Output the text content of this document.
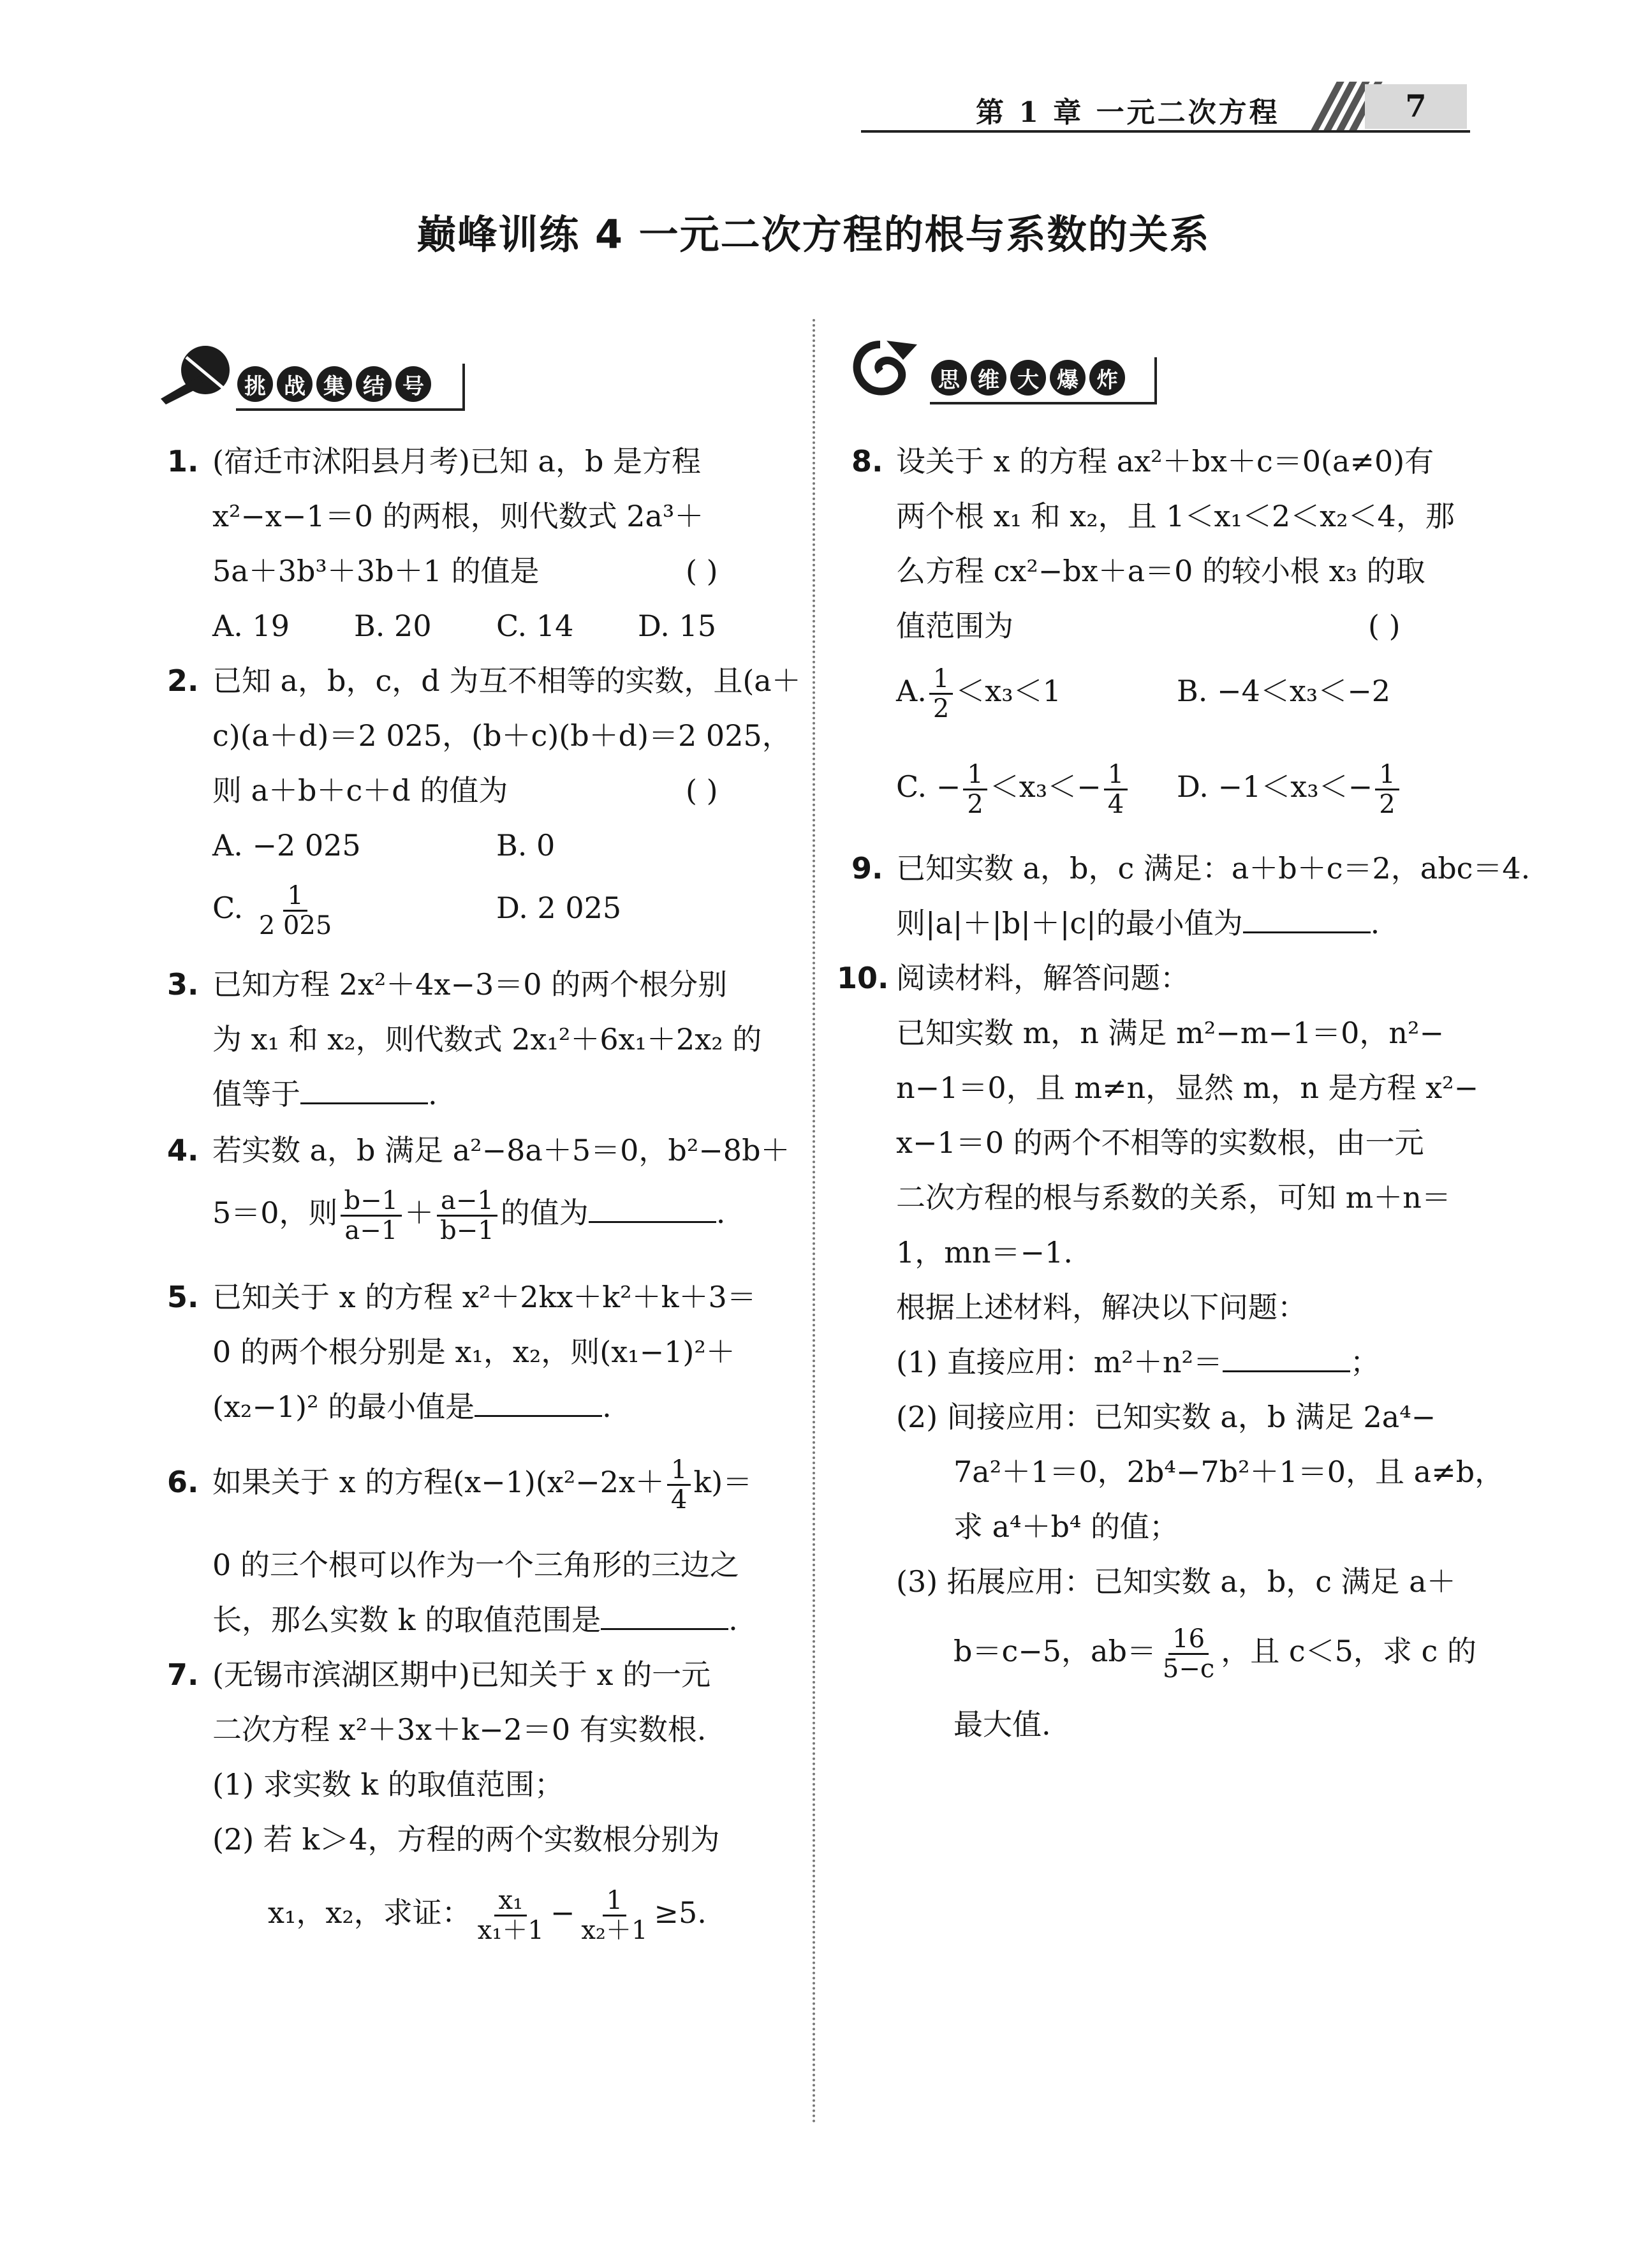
第 1 章 一元二次方程	7
巅峰训练 4 一元二次方程的根与系数的关系
挑 战 集 结 号	思 维 大 爆 炸
1. (宿迁市沭阳县月考)已知 a，b 是方程
x²−x−1＝0 的两根，则代数式 2a³＋
5a＋3b³＋3b＋1 的值是	( )
A. 19 B. 20 C. 14 D. 15
2. 已知 a，b，c，d 为互不相等的实数，且(a＋
c)(a＋d)＝2 025，(b＋c)(b＋d)＝2 025，
则 a＋b＋c＋d 的值为	( )
A. −2 025	B. 0
C. $\frac{1}{2 025}$	D. 2 025
3. 已知方程 2x²＋4x−3＝0 的两个根分别
为 x₁ 和 x₂，则代数式 2x₁²＋6x₁＋2x₂ 的
值等于	.
4. 若实数 a，b 满足 a²−8a＋5＝0，b²−8b＋
5＝0，则 $\frac{b-1}{a-1} + \frac{a-1}{b-1}$ 的值为	.
5. 已知关于 x 的方程 x²＋2kx＋k²＋k＋3＝
0 的两个根分别是 x₁，x₂，则(x₁−1)²＋
(x₂−1)² 的最小值是	.
6. 如果关于 x 的方程$(x-1)(x^2-2x+ \frac{1}{4} k)=$
0 的三个根可以作为一个三角形的三边之
长，那么实数 k 的取值范围是	.
7. (无锡市滨湖区期中)已知关于 x 的一元
二次方程 x²＋3x＋k−2＝0 有实数根.
(1) 求实数 k 的取值范围；
(2) 若 k＞4，方程的两个实数根分别为
x₁，x₂，求证： $\frac{\text{x₁}}{\text{x₁＋1}} - \frac{1}{\text{x₂＋1}} \ge 5$.
8. 设关于 x 的方程 ax²＋bx＋c＝0(a≠0)有
两个根 x₁ 和 x₂，且 1＜x₁＜2＜x₂＜4，那
么方程 cx²−bx＋a＝0 的较小根 x₃ 的取
值范围为	( )
A. $\frac{1}{2} <x_3<1$	B. −4＜x₃＜−2
C. − $\frac{1}{2} <x_3<- \frac{1}{4} D$. $-1<x_3<- \frac{1}{2}$
9. 已知实数 a，b，c 满足：a＋b＋c＝2，abc＝4.
则|a|＋|b|＋|c|的最小值为	.
10. 阅读材料，解答问题：
已知实数 m，n 满足 m²−m−1＝0，n²−
n−1＝0，且 m≠n，显然 m，n 是方程 x²−
x−1＝0 的两个不相等的实数根，由一元
二次方程的根与系数的关系，可知 m＋n＝
1，mn＝−1.
根据上述材料，解决以下问题：
(1) 直接应用：m²＋n²＝	；
(2) 间接应用：已知实数 a，b 满足 2a⁴−
7a²＋1＝0，2b⁴−7b²＋1＝0，且 a≠b，
求 a⁴＋b⁴ 的值；
(3) 拓展应用：已知实数 a，b，c 满足 a＋
b＝c−5，$ab= \frac{16}{5-c}$ ，且 c＜5，求 c 的
最大值.
